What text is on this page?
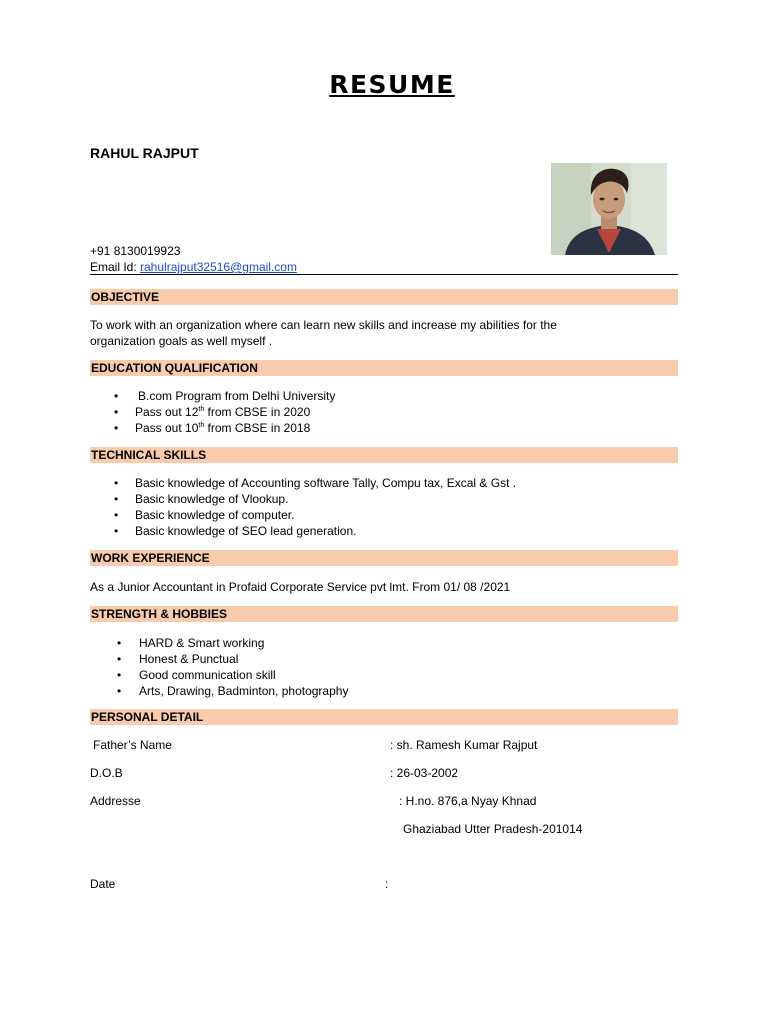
RESUME
RAHUL RAJPUT
+91 8130019923
Email Id: rahulrajput32516@gmail.com
OBJECTIVE
To work with an organization where can learn new skills and increase my abilities for the
organization goals as well myself .
EDUCATION QUALIFICATION
• B.com Program from Delhi University
• Pass out 12th from CBSE in 2020
• Pass out 10th from CBSE in 2018
TECHNICAL SKILLS
• Basic knowledge of Accounting software Tally, Compu tax, Excal & Gst .
• Basic knowledge of Vlookup.
• Basic knowledge of computer.
• Basic knowledge of SEO lead generation.
WORK EXPERIENCE
As a Junior Accountant in Profaid Corporate Service pvt lmt. From 01/ 08 /2021
STRENGTH & HOBBIES
• HARD & Smart working
• Honest & Punctual
• Good communication skill
• Arts, Drawing, Badminton, photography
PERSONAL DETAIL
Father’s Name	: sh. Ramesh Kumar Rajput
D.O.B	: 26-03-2002
Addresse	: H.no. 876,a Nyay Khnad
Ghaziabad Utter Pradesh-201014
Date	:
